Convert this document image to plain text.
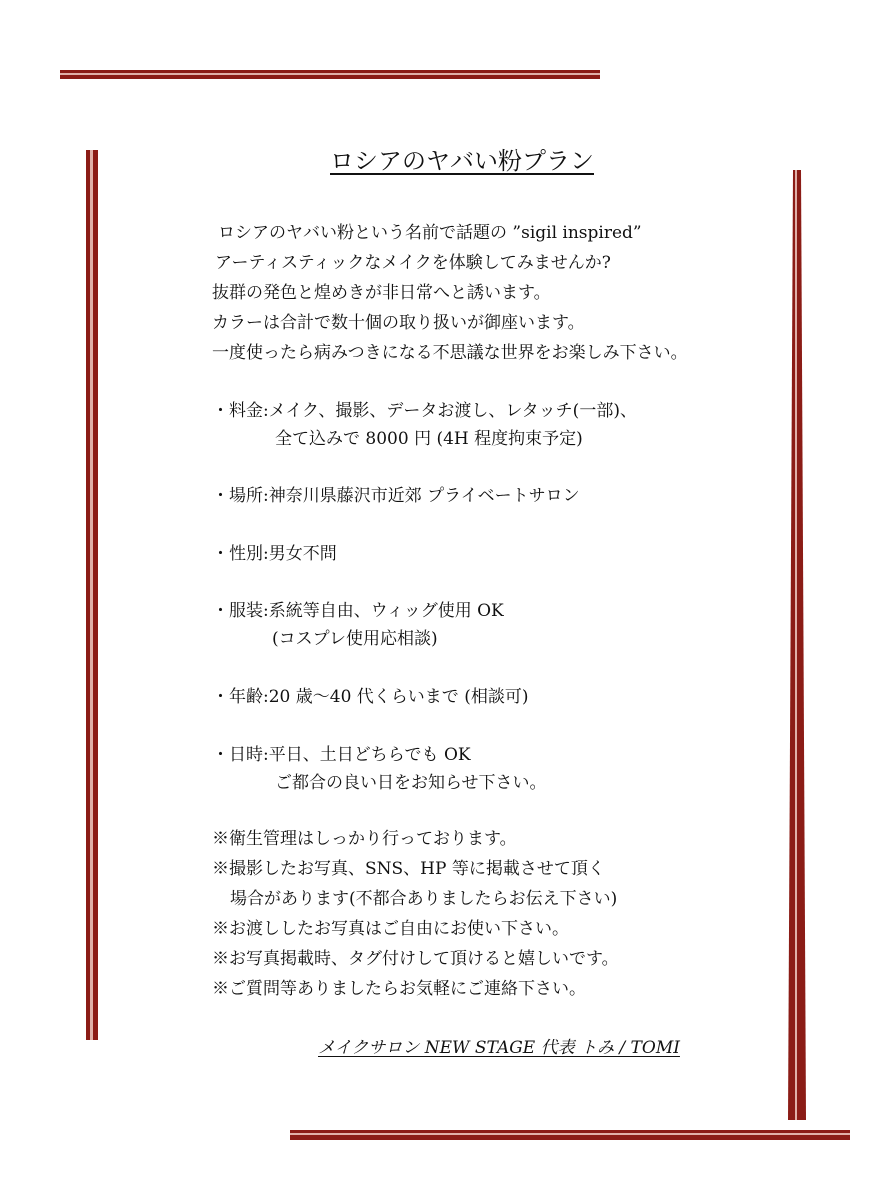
ロシアのヤバい粉プラン
ロシアのヤバい粉という名前で話題の ”sigil inspired”
アーティスティックなメイクを体験してみませんか?
抜群の発色と煌めきが非日常へと誘います。
カラーは合計で数十個の取り扱いが御座います。
一度使ったら病みつきになる不思議な世界をお楽しみ下さい。
・料金:メイク、撮影、データお渡し、レタッチ(一部)、
全て込みで 8000 円 (4H 程度拘束予定)
・場所:神奈川県藤沢市近郊 プライベートサロン
・性別:男女不問
・服装:系統等自由、ウィッグ使用 OK
(コスプレ使用応相談)
・年齢:20 歳〜40 代くらいまで (相談可)
・日時:平日、土日どちらでも OK
ご都合の良い日をお知らせ下さい。
※衛生管理はしっかり行っております。
※撮影したお写真、SNS、HP 等に掲載させて頂く
場合があります(不都合ありましたらお伝え下さい)
※お渡ししたお写真はご自由にお使い下さい。
※お写真掲載時、タグ付けして頂けると嬉しいです。
※ご質問等ありましたらお気軽にご連絡下さい。
メイクサロン NEW STAGE 代表 トみ / TOMI
